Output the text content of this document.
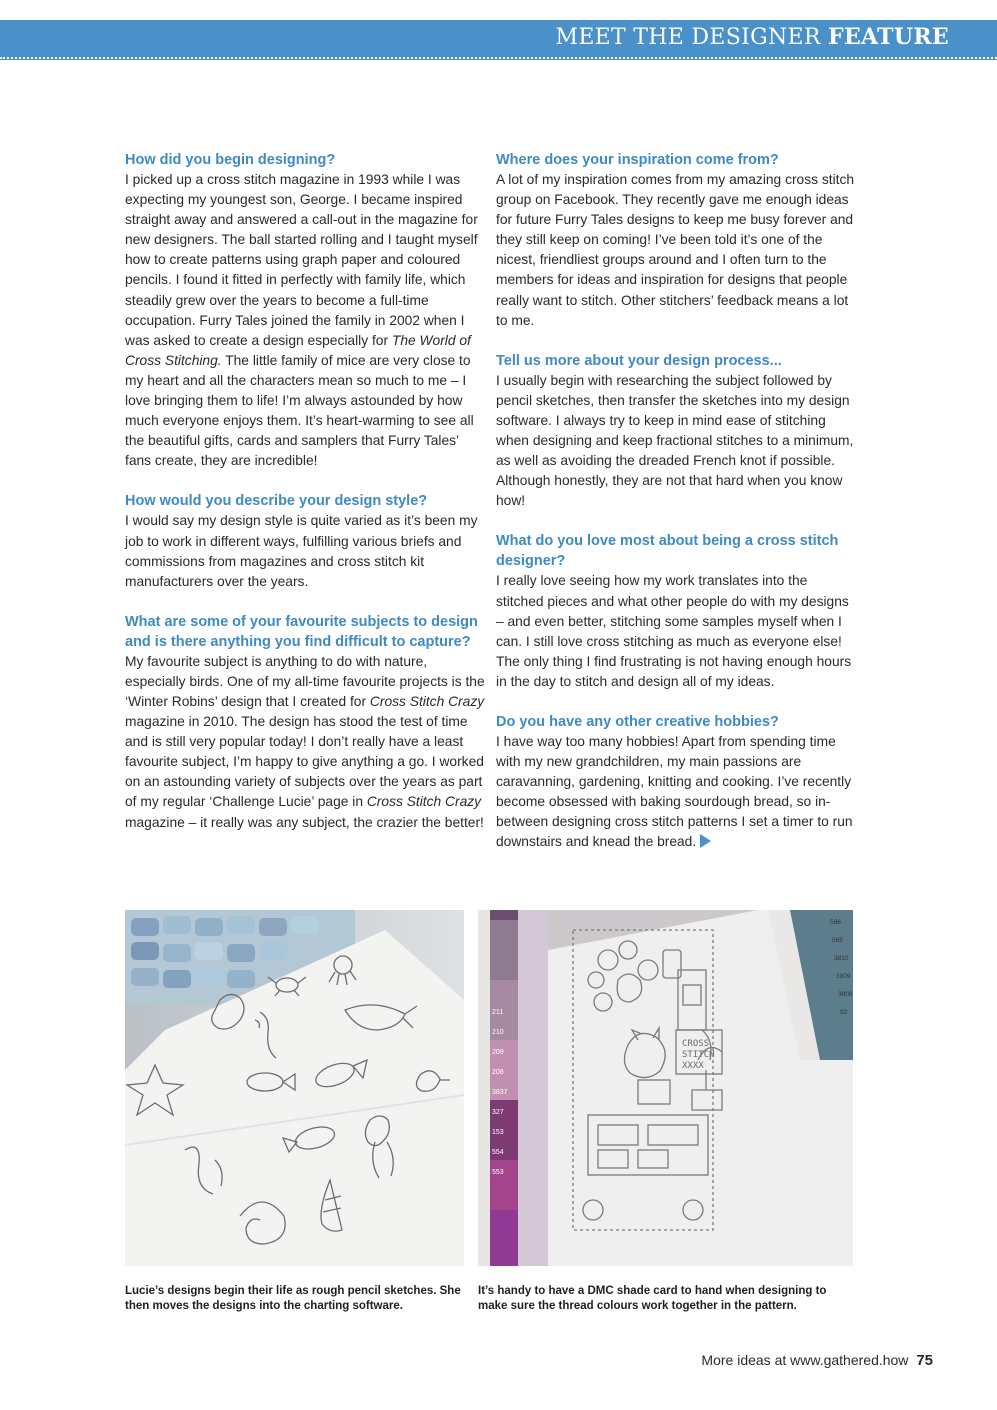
MEET THE DESIGNER FEATURE

How did you begin designing?

I picked up a cross stitch magazine in 1993 while I was expecting my youngest son, George. I became inspired straight away and answered a call-out in the magazine for new designers. The ball started rolling and I taught myself how to create patterns using graph paper and coloured pencils. I found it fitted in perfectly with family life, which steadily grew over the years to become a full-time occupation. Furry Tales joined the family in 2002 when I was asked to create a design especially for The World of Cross Stitching. The little family of mice are very close to my heart and all the characters mean so much to me – I love bringing them to life! I’m always astounded by how much everyone enjoys them. It’s heart-warming to see all the beautiful gifts, cards and samplers that Furry Tales’ fans create, they are incredible!

How would you describe your design style?

I would say my design style is quite varied as it’s been my job to work in different ways, fulfilling various briefs and commissions from magazines and cross stitch kit manufacturers over the years.

What are some of your favourite subjects to design and is there anything you find difficult to capture?

My favourite subject is anything to do with nature, especially birds. One of my all-time favourite projects is the ‘Winter Robins’ design that I created for Cross Stitch Crazy magazine in 2010. The design has stood the test of time and is still very popular today! I don’t really have a least favourite subject, I’m happy to give anything a go. I worked on an astounding variety of subjects over the years as part of my regular ‘Challenge Lucie’ page in Cross Stitch Crazy magazine – it really was any subject, the crazier the better!

Where does your inspiration come from?

A lot of my inspiration comes from my amazing cross stitch group on Facebook. They recently gave me enough ideas for future Furry Tales designs to keep me busy forever and they still keep on coming! I’ve been told it’s one of the nicest, friendliest groups around and I often turn to the members for ideas and inspiration for designs that people really want to stitch. Other stitchers’ feedback means a lot to me.

Tell us more about your design process...

I usually begin with researching the subject followed by pencil sketches, then transfer the sketches into my design software. I always try to keep in mind ease of stitching when designing and keep fractional stitches to a minimum, as well as avoiding the dreaded French knot if possible. Although honestly, they are not that hard when you know how!

What do you love most about being a cross stitch designer?

I really love seeing how my work translates into the stitched pieces and what other people do with my designs – and even better, stitching some samples myself when I can. I still love cross stitching as much as everyone else! The only thing I find frustrating is not having enough hours in the day to stitch and design all of my ideas.

Do you have any other creative hobbies?

I have way too many hobbies! Apart from spending time with my new grandchildren, my main passions are caravanning, gardening, knitting and cooking. I’ve recently become obsessed with baking sourdough bread, so in-between designing cross stitch patterns I set a timer to run downstairs and knead the bread.

CROSS
STITCH
XXXX
211
210
209
208
3837
327
153
554
553
566
565
3810
3809
3808
92
Lucie’s designs begin their life as rough pencil sketches. She then moves the designs into the charting software.
It’s handy to have a DMC shade card to hand when designing to make sure the thread colours work together in the pattern.
More ideas at www.gathered.how 75
